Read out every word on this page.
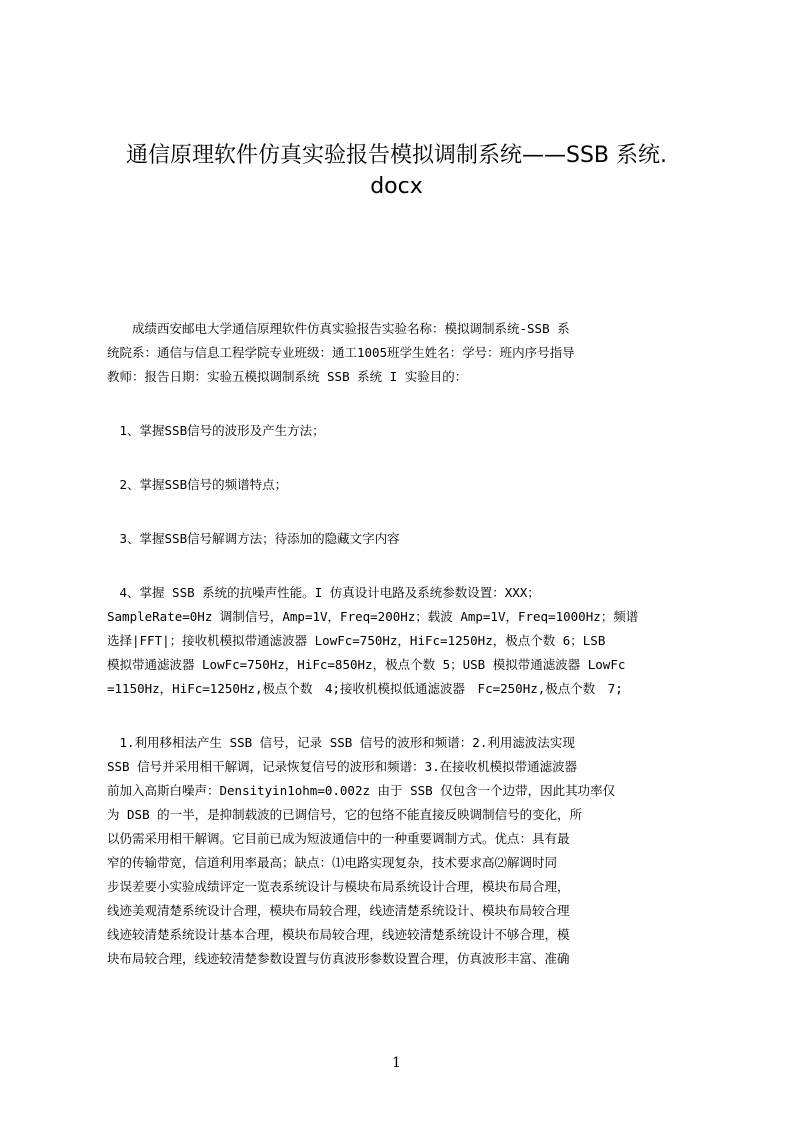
通信原理软件仿真实验报告模拟调制系统——SSB 系统.
docx
　　成绩西安邮电大学通信原理软件仿真实验报告实验名称：模拟调制系统-SSB 系
统院系：通信与信息工程学院专业班级：通工1005班学生姓名：学号：班内序号指导
教师：报告日期：实验五模拟调制系统 SSB 系统 I 实验目的：
　1、掌握SSB信号的波形及产生方法；
　2、掌握SSB信号的频谱特点；
　3、掌握SSB信号解调方法；待添加的隐藏文字内容
　4、掌握 SSB 系统的抗噪声性能。I 仿真设计电路及系统参数设置：XXX；
SampleRate=0Hz 调制信号，Amp=1V，Freq=200Hz；载波 Amp=1V，Freq=1000Hz；频谱
选择|FFT|；接收机模拟带通滤波器 LowFc=750Hz，HiFc=1250Hz，极点个数 6；LSB
模拟带通滤波器 LowFc=750Hz，HiFc=850Hz，极点个数 5；USB 模拟带通滤波器 LowFc
=1150Hz，HiFc=1250Hz,极点个数　4;接收机模拟低通滤波器　Fc=250Hz,极点个数　7;
　1.利用移相法产生 SSB 信号，记录 SSB 信号的波形和频谱：2.利用滤波法实现
SSB 信号并采用相干解调，记录恢复信号的波形和频谱：3.在接收机模拟带通滤波器
前加入高斯白噪声：Densityin1ohm=0.002z 由于 SSB 仅包含一个边带，因此其功率仅
为 DSB 的一半，是抑制载波的已调信号，它的包络不能直接反映调制信号的变化，所
以仍需采用相干解调。它目前已成为短波通信中的一种重要调制方式。优点：具有最
窄的传输带宽，信道利用率最高；缺点：⑴电路实现复杂，技术要求高⑵解调时同
步误差要小实验成绩评定一览表系统设计与模块布局系统设计合理，模块布局合理，
线迹美观清楚系统设计合理，模块布局较合理，线迹清楚系统设计、模块布局较合理
线迹较清楚系统设计基本合理，模块布局较合理，线迹较清楚系统设计不够合理，模
块布局较合理，线迹较清楚参数设置与仿真波形参数设置合理，仿真波形丰富、准确
1
